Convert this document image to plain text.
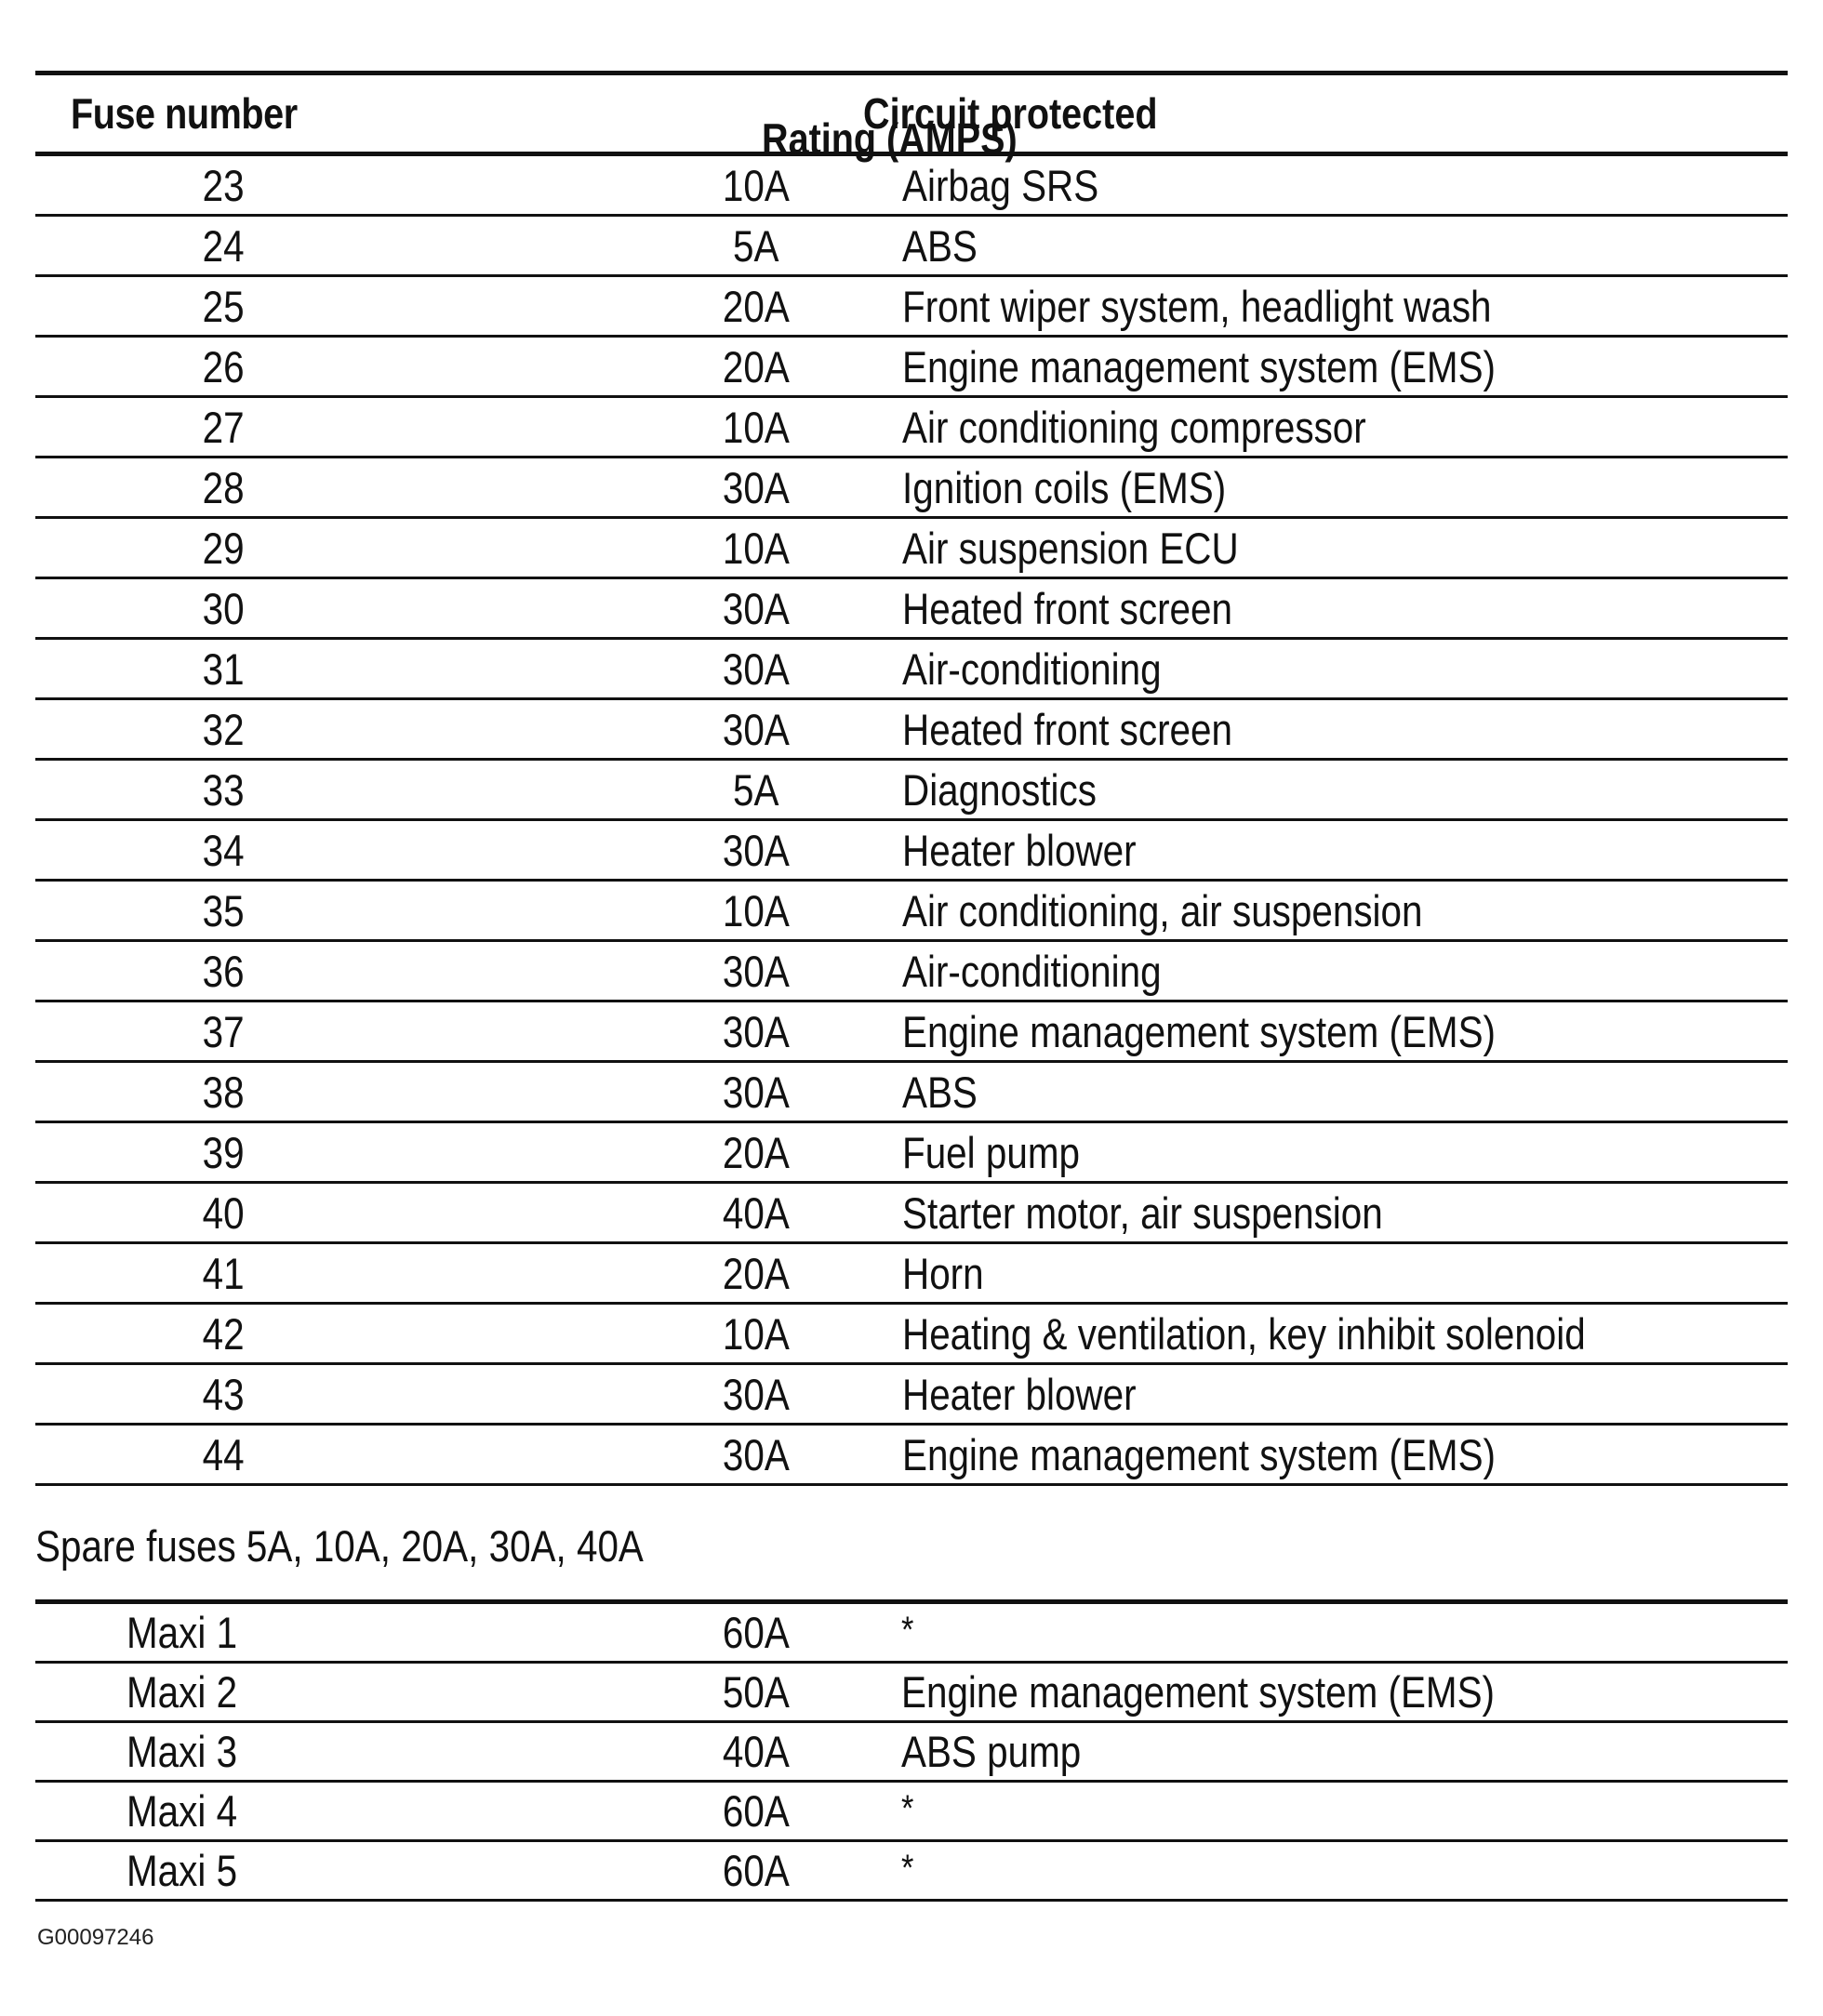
Fuse number
Rating (AMPS)
Circuit protected
23	10A	Airbag SRS
24	5A	ABS
25	20A	Front wiper system, headlight wash
26	20A	Engine management system (EMS)
27	10A	Air conditioning compressor
28	30A	Ignition coils (EMS)
29	10A	Air suspension ECU
30	30A	Heated front screen
31	30A	Air-conditioning
32	30A	Heated front screen
33	5A	Diagnostics
34	30A	Heater blower
35	10A	Air conditioning, air suspension
36	30A	Air-conditioning
37	30A	Engine management system (EMS)
38	30A	ABS
39	20A	Fuel pump
40	40A	Starter motor, air suspension
41	20A	Horn
42	10A	Heating & ventilation, key inhibit solenoid
43	30A	Heater blower
44	30A	Engine management system (EMS)
Spare fuses 5A, 10A, 20A, 30A, 40A
Maxi 1	60A	*
Maxi 2	50A	Engine management system (EMS)
Maxi 3	40A	ABS pump
Maxi 4	60A	*
Maxi 5	60A	*
G00097246
